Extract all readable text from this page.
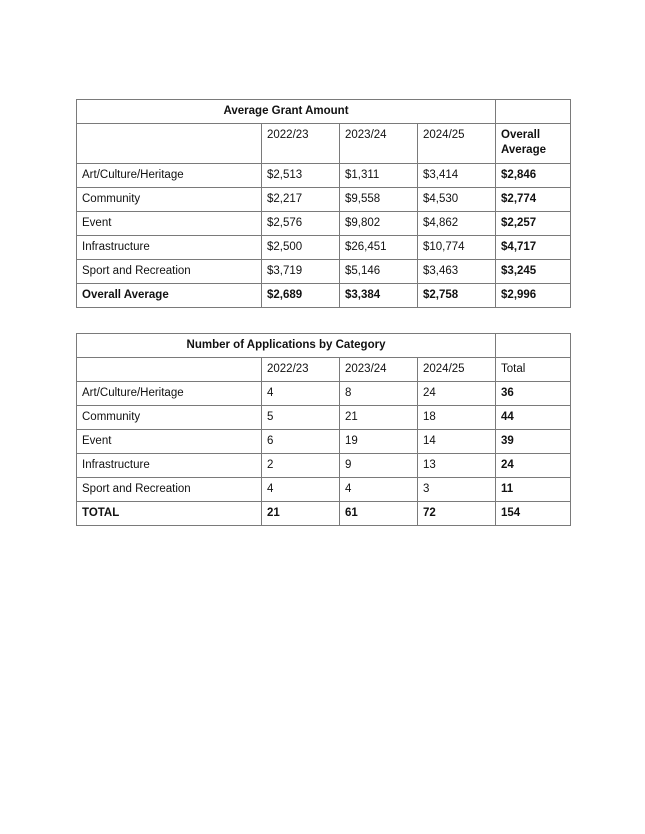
Average Grant Amount				
	2022/23	2023/24	2024/25	Overall Average
Art/Culture/Heritage	$2,513	$1,311	$3,414	$2,846
Community	$2,217	$9,558	$4,530	$2,774
Event	$2,576	$9,802	$4,862	$2,257
Infrastructure	$2,500	$26,451	$10,774	$4,717
Sport and Recreation	$3,719	$5,146	$3,463	$3,245
Overall Average	$2,689	$3,384	$2,758	$2,996
Number of Applications by Category				
	2022/23	2023/24	2024/25	Total
Art/Culture/Heritage	4	8	24	36
Community	5	21	18	44
Event	6	19	14	39
Infrastructure	2	9	13	24
Sport and Recreation	4	4	3	11
TOTAL	21	61	72	154
